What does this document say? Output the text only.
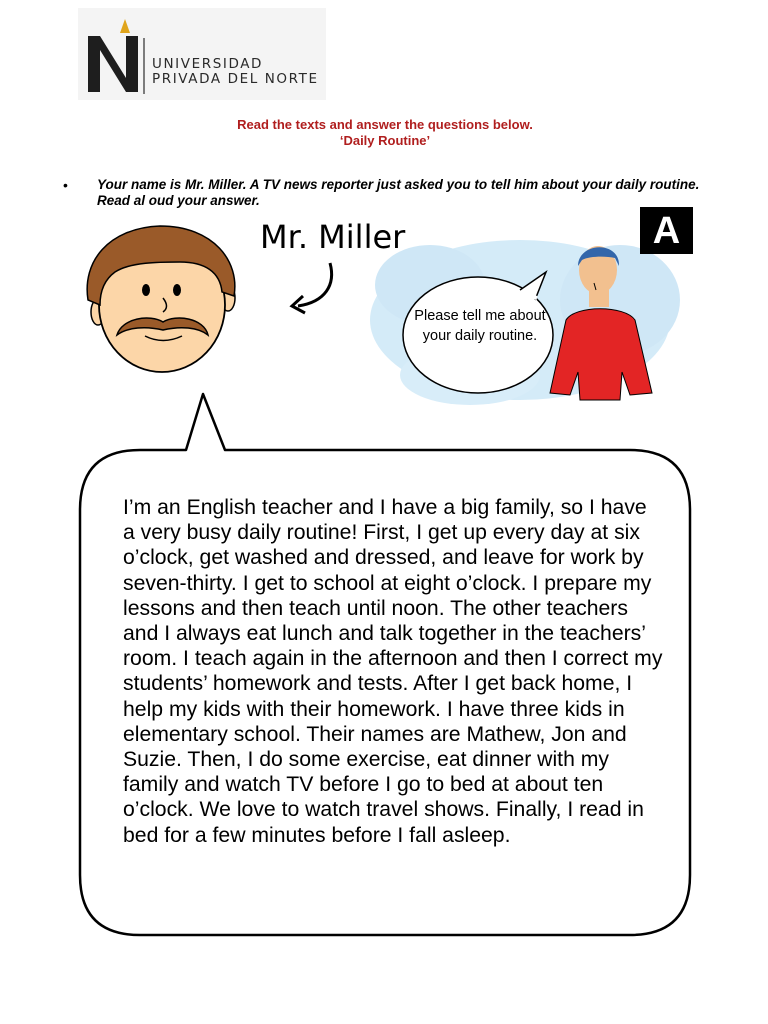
UNIVERSIDAD
PRIVADA DEL NORTE
Read the texts and answer the questions below.
‘Daily Routine’
• Your name is Mr. Miller. A TV news reporter just asked you to tell him about your daily routine. Read al oud your answer.
Mr. Miller	A
Please tell me about your daily routine.

I’m an English teacher and I have a big family, so I have a very busy daily routine! First, I get up every day at six o’clock, get washed and dressed, and leave for work by seven-thirty. I get to school at eight o’clock. I prepare my lessons and then teach until noon. The other teachers and I always eat lunch and talk together in the teachers’ room. I teach again in the afternoon and then I correct my students’ homework and tests. After I get back home, I help my kids with their homework. I have three kids in elementary school. Their names are Mathew, Jon and Suzie. Then, I do some exercise, eat dinner with my family and watch TV before I go to bed at about ten o’clock. We love to watch travel shows. Finally, I read in bed for a few minutes before I fall asleep.
